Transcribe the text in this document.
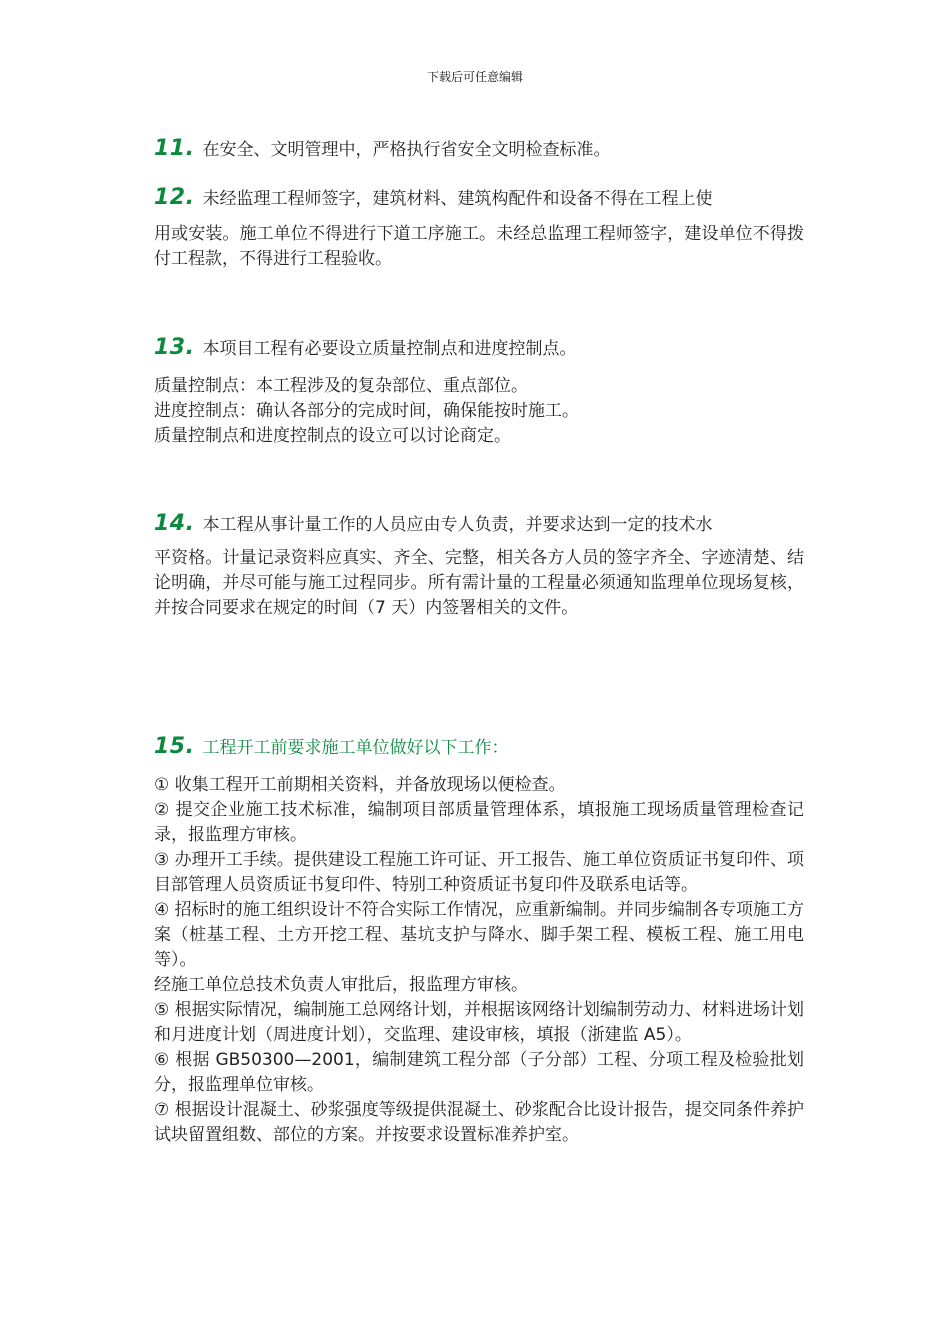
下载后可任意编辑
11. 在安全、文明管理中，严格执行省安全文明检查标准。
12. 未经监理工程师签字，建筑材料、建筑构配件和设备不得在工程上使

用或安装。施工单位不得进行下道工序施工。未经总监理工程师签字，建设单位不得拨付工程款，不得进行工程验收。

13. 本项目工程有必要设立质量控制点和进度控制点。

质量控制点：本工程涉及的复杂部位、重点部位。

进度控制点：确认各部分的完成时间，确保能按时施工。

质量控制点和进度控制点的设立可以讨论商定。

14. 本工程从事计量工作的人员应由专人负责，并要求达到一定的技术水

平资格。计量记录资料应真实、齐全、完整，相关各方人员的签字齐全、字迹清楚、结论明确，并尽可能与施工过程同步。所有需计量的工程量必须通知监理单位现场复核，并按合同要求在规定的时间（7 天）内签署相关的文件。

15. 工程开工前要求施工单位做好以下工作：

① 收集工程开工前期相关资料，并备放现场以便检查。

② 提交企业施工技术标准，编制项目部质量管理体系，填报施工现场质量管理检查记录，报监理方审核。

③ 办理开工手续。提供建设工程施工许可证、开工报告、施工单位资质证书复印件、项目部管理人员资质证书复印件、特别工种资质证书复印件及联系电话等。

④ 招标时的施工组织设计不符合实际工作情况，应重新编制。并同步编制各专项施工方案（桩基工程、土方开挖工程、基坑支护与降水、脚手架工程、模板工程、施工用电等）。

经施工单位总技术负责人审批后，报监理方审核。

⑤ 根据实际情况，编制施工总网络计划，并根据该网络计划编制劳动力、材料进场计划和月进度计划（周进度计划），交监理、建设审核，填报（浙建监 A5）。

⑥ 根据 GB50300—2001，编制建筑工程分部（子分部）工程、分项工程及检验批划分，报监理单位审核。

⑦ 根据设计混凝土、砂浆强度等级提供混凝土、砂浆配合比设计报告，提交同条件养护试块留置组数、部位的方案。并按要求设置标准养护室。
